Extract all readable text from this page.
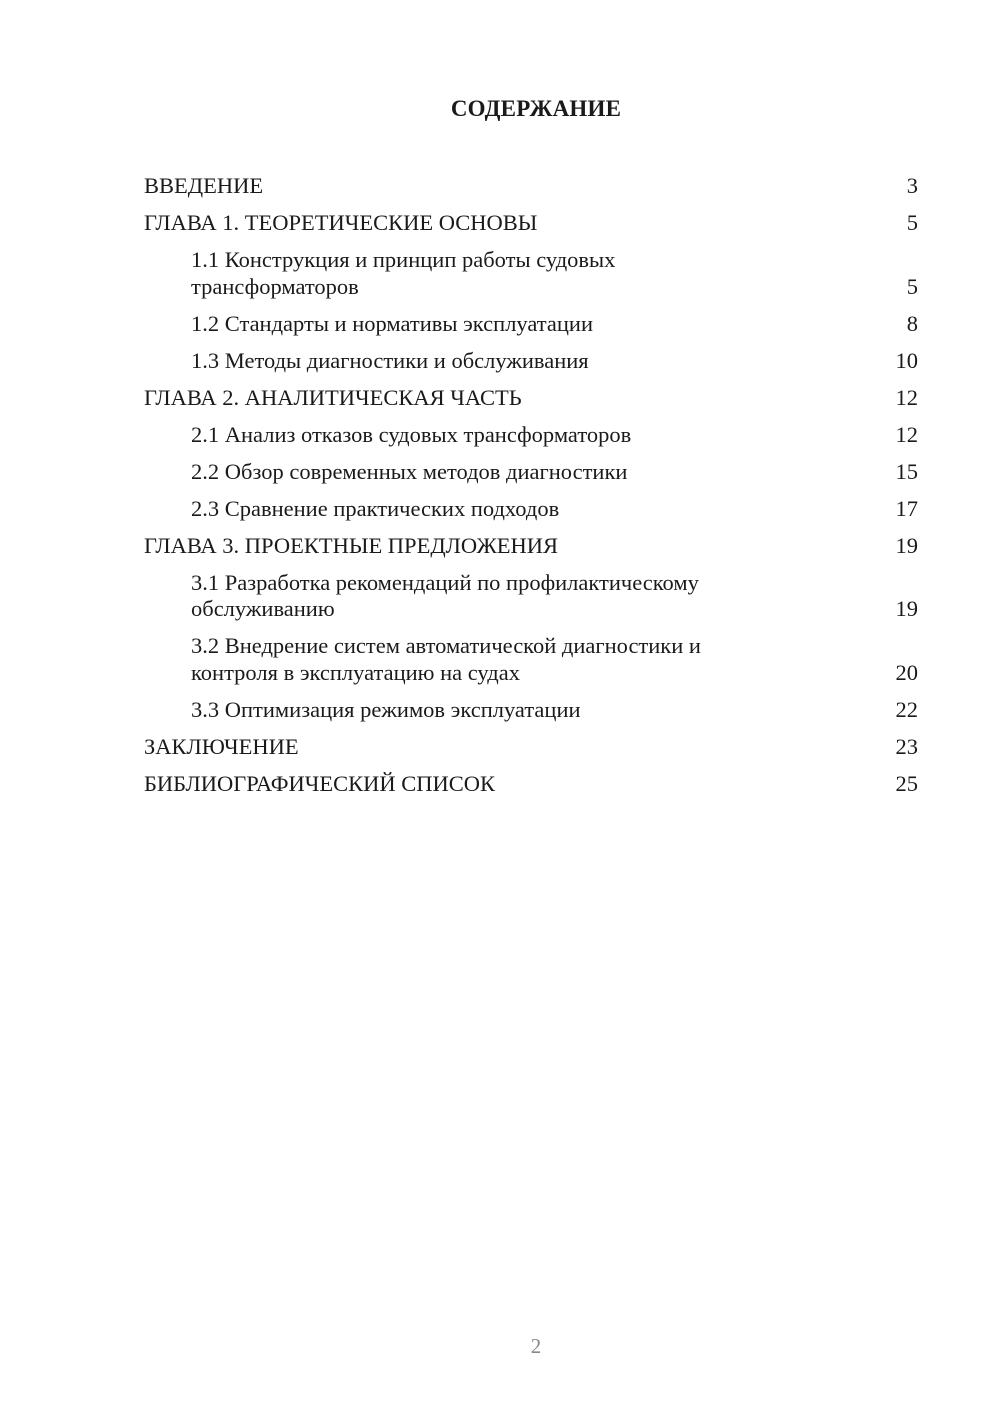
СОДЕРЖАНИЕ
ВВЕДЕНИЕ	3
ГЛАВА 1. ТЕОРЕТИЧЕСКИЕ ОСНОВЫ	5
1.1 Конструкция и принцип работы судовых трансформаторов	5
1.2 Стандарты и нормативы эксплуатации	8
1.3 Методы диагностики и обслуживания	10
ГЛАВА 2. АНАЛИТИЧЕСКАЯ ЧАСТЬ	12
2.1 Анализ отказов судовых трансформаторов	12
2.2 Обзор современных методов диагностики	15
2.3 Сравнение практических подходов	17
ГЛАВА 3. ПРОЕКТНЫЕ ПРЕДЛОЖЕНИЯ	19
3.1 Разработка рекомендаций по профилактическому обслуживанию	19
3.2 Внедрение систем автоматической диагностики и контроля в эксплуатацию на судах	20
3.3 Оптимизация режимов эксплуатации	22
ЗАКЛЮЧЕНИЕ	23
БИБЛИОГРАФИЧЕСКИЙ СПИСОК	25

2
